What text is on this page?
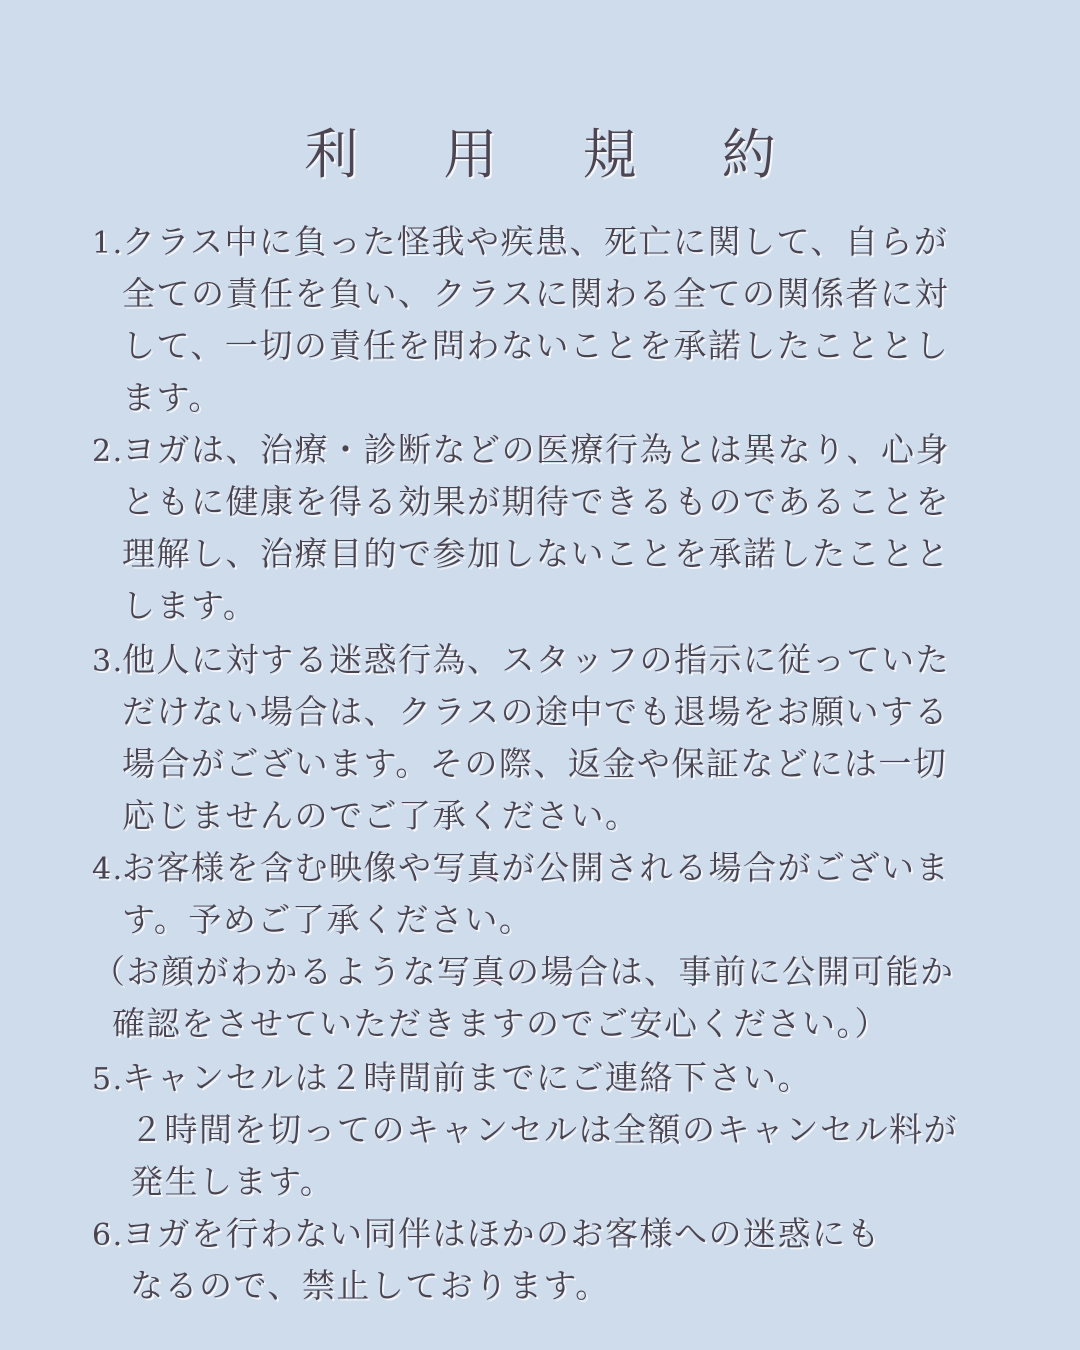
利 用 規 約
1.クラス中に負った怪我や疾患、死亡に関して、自らが
全ての責任を負い、クラスに関わる全ての関係者に対
して、一切の責任を問わないことを承諾したこととし
ます。
2.ヨガは、治療・診断などの医療行為とは異なり、心身
ともに健康を得る効果が期待できるものであることを
理解し、治療目的で参加しないことを承諾したことと
します。
3.他人に対する迷惑行為、スタッフの指示に従っていた
だけない場合は、クラスの途中でも退場をお願いする
場合がございます。その際、返金や保証などには一切
応じませんのでご了承ください。
4.お客様を含む映像や写真が公開される場合がございま
す。予めご了承ください。
（お顔がわかるような写真の場合は、事前に公開可能か
確認をさせていただきますのでご安心ください。）
5.キャンセルは２時間前までにご連絡下さい。
２時間を切ってのキャンセルは全額のキャンセル料が
発生します。
6.ヨガを行わない同伴はほかのお客様への迷惑にも
なるので、禁止しております。
